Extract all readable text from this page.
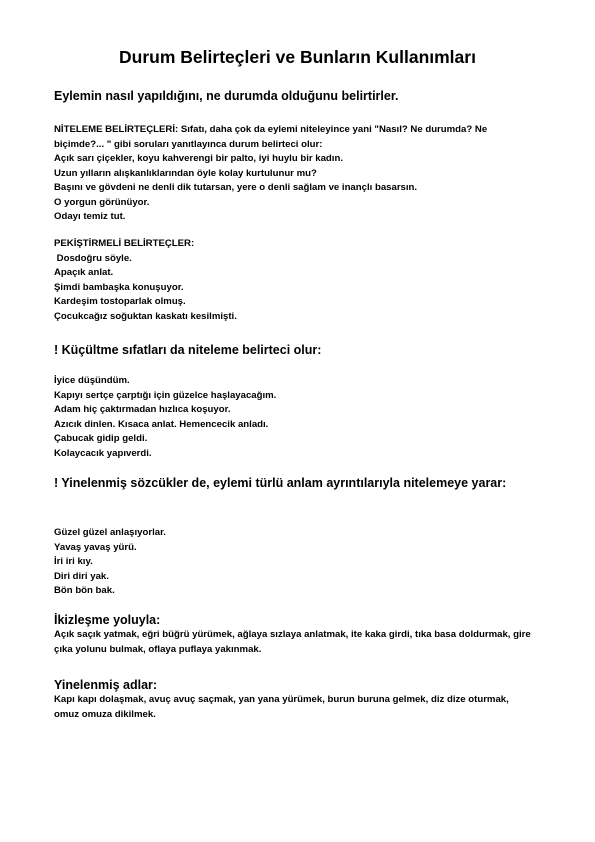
Durum Belirteçleri ve Bunların Kullanımları

Eylemin nasıl yapıldığını, ne durumda olduğunu belirtirler.

NİTELEME BELİRTEÇLERİ: Sıfatı, daha çok da eylemi niteleyince yani "Nasıl? Ne durumda? Ne biçimde?... " gibi soruları yanıtlayınca durum belirteci olur:

Açık sarı çiçekler, koyu kahverengi bir palto, iyi huylu bir kadın.

Uzun yılların alışkanlıklarından öyle kolay kurtulunur mu?

Başını ve gövdeni ne denli dik tutarsan, yere o denli sağlam ve inançlı basarsın.

O yorgun görünüyor.

Odayı temiz tut.

PEKİŞTİRMELİ BELİRTEÇLER:

Dosdoğru söyle.

Apaçık anlat.

Şimdi bambaşka konuşuyor.

Kardeşim tostoparlak olmuş.

Çocukcağız soğuktan kaskatı kesilmişti.

! Küçültme sıfatları da niteleme belirteci olur:

İyice düşündüm.

Kapıyı sertçe çarptığı için güzelce haşlayacağım.

Adam hiç çaktırmadan hızlıca koşuyor.

Azıcık dinlen. Kısaca anlat. Hemencecik anladı.

Çabucak gidip geldi.

Kolaycacık yapıverdi.

! Yinelenmiş sözcükler de, eylemi türlü anlam ayrıntılarıyla nitelemeye yarar:

Güzel güzel anlaşıyorlar.

Yavaş yavaş yürü.

İri iri kıy.

Diri diri yak.

Bön bön bak.

İkizleşme yoluyla:

Açık saçık yatmak, eğri büğrü yürümek, ağlaya sızlaya anlatmak, ite kaka girdi, tıka basa doldurmak, gire çıka yolunu bulmak, oflaya puflaya yakınmak.

Yinelenmiş adlar:

Kapı kapı dolaşmak, avuç avuç saçmak, yan yana yürümek, burun buruna gelmek, diz dize oturmak, omuz omuza dikilmek.
